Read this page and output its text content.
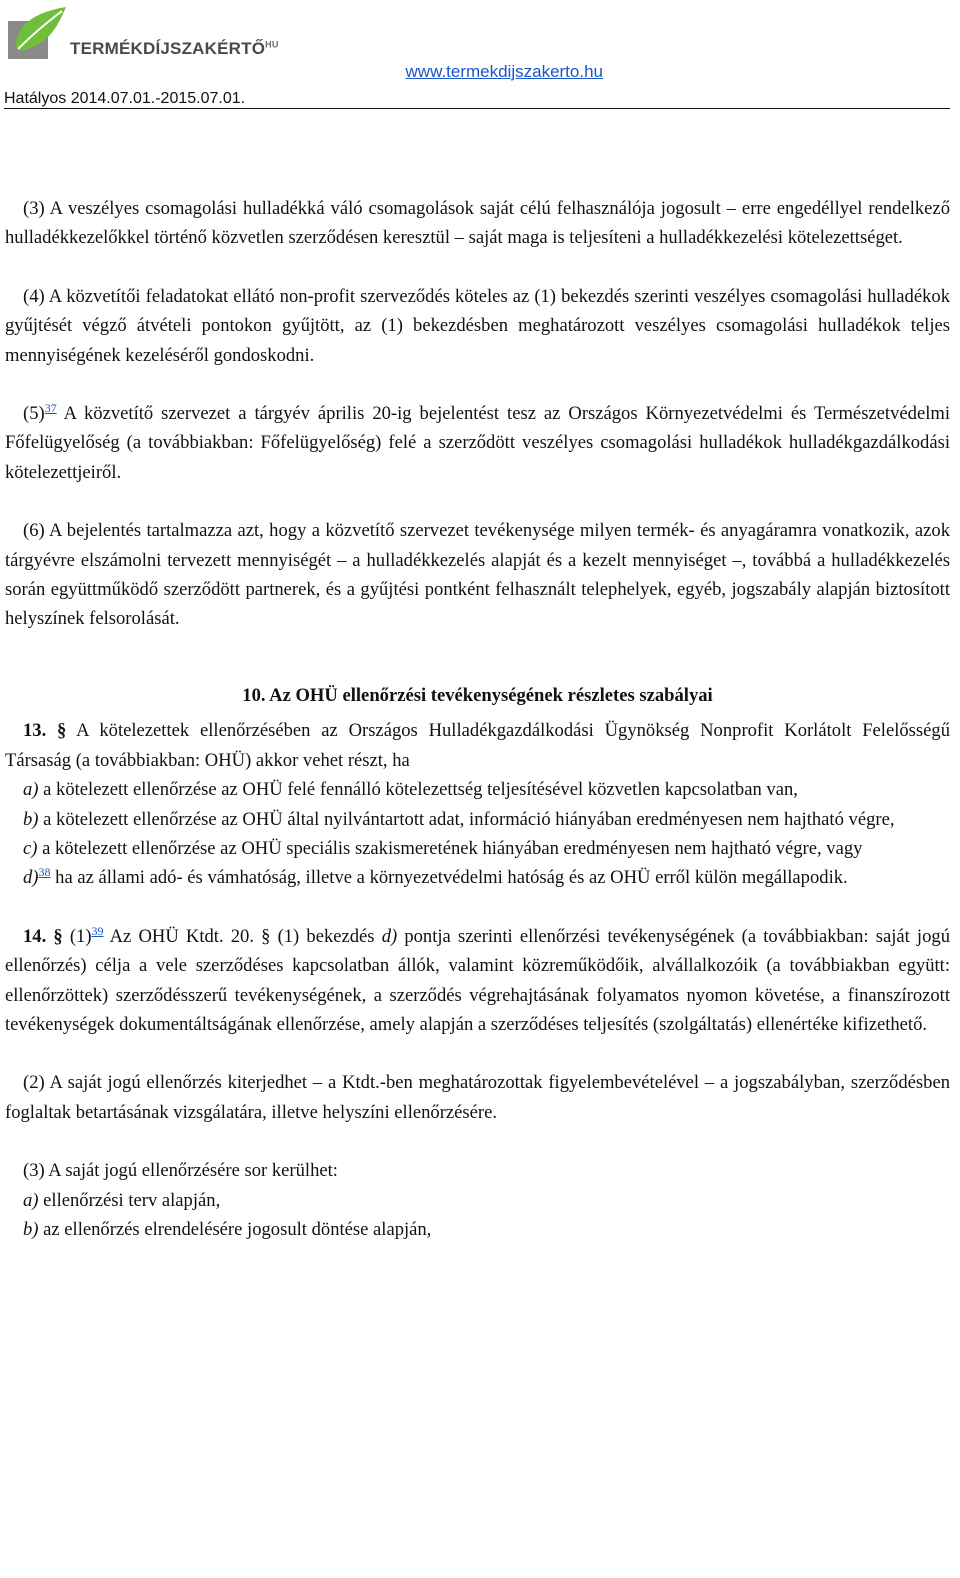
$TERMÉKDÍJSZAKÉRTŐ^{HU}$
www.termekdijszakerto.hu
Hatályos 2014.07.01.-2015.07.01.

(3) A veszélyes csomagolási hulladékká váló csomagolások saját célú felhasználója jogosult – erre engedéllyel rendelkező hulladékkezelőkkel történő közvetlen szerződésen keresztül – saját maga is teljesíteni a hulladékkezelési kötelezettséget.

(4) A közvetítői feladatokat ellátó non-profit szerveződés köteles az (1) bekezdés szerinti veszélyes csomagolási hulladékok gyűjtését végző átvételi pontokon gyűjtött, az (1) bekezdésben meghatározott veszélyes csomagolási hulladékok teljes mennyiségének kezeléséről gondoskodni.

(5)$^{37}$ A közvetítő szervezet a tárgyév április 20-ig bejelentést tesz az Országos Környezetvédelmi és Természetvédelmi Főfelügyelőség (a továbbiakban: Főfelügyelőség) felé a szerződött veszélyes csomagolási hulladékok hulladékgazdálkodási kötelezettjeiről.

(6) A bejelentés tartalmazza azt, hogy a közvetítő szervezet tevékenysége milyen termék- és anyagáramra vonatkozik, azok tárgyévre elszámolni tervezett mennyiségét – a hulladékkezelés alapját és a kezelt mennyiséget –, továbbá a hulladékkezelés során együttműködő szerződött partnerek, és a gyűjtési pontként felhasznált telephelyek, egyéb, jogszabály alapján biztosított helyszínek felsorolását.

10. Az OHÜ ellenőrzési tevékenységének részletes szabályai

13. § A kötelezettek ellenőrzésében az Országos Hulladékgazdálkodási Ügynökség Nonprofit Korlátolt Felelősségű Társaság (a továbbiakban: OHÜ) akkor vehet részt, ha

a) a kötelezett ellenőrzése az OHÜ felé fennálló kötelezettség teljesítésével közvetlen kapcsolatban van,

b) a kötelezett ellenőrzése az OHÜ által nyilvántartott adat, információ hiányában eredményesen nem hajtható végre,

c) a kötelezett ellenőrzése az OHÜ speciális szakismeretének hiányában eredményesen nem hajtható végre, vagy

d)$^{38}$ ha az állami adó- és vámhatóság, illetve a környezetvédelmi hatóság és az OHÜ erről külön megállapodik.

14. § (1)$^{39}$ Az OHÜ Ktdt. 20. § (1) bekezdés d) pontja szerinti ellenőrzési tevékenységének (a továbbiakban: saját jogú ellenőrzés) célja a vele szerződéses kapcsolatban állók, valamint közreműködőik, alvállalkozóik (a továbbiakban együtt: ellenőrzöttek) szerződésszerű tevékenységének, a szerződés végrehajtásának folyamatos nyomon követése, a finanszírozott tevékenységek dokumentáltságának ellenőrzése, amely alapján a szerződéses teljesítés (szolgáltatás) ellenértéke kifizethető.

(2) A saját jogú ellenőrzés kiterjedhet – a Ktdt.-ben meghatározottak figyelembevételével – a jogszabályban, szerződésben foglaltak betartásának vizsgálatára, illetve helyszíni ellenőrzésére.

(3) A saját jogú ellenőrzésére sor kerülhet:

a) ellenőrzési terv alapján,

b) az ellenőrzés elrendelésére jogosult döntése alapján,
